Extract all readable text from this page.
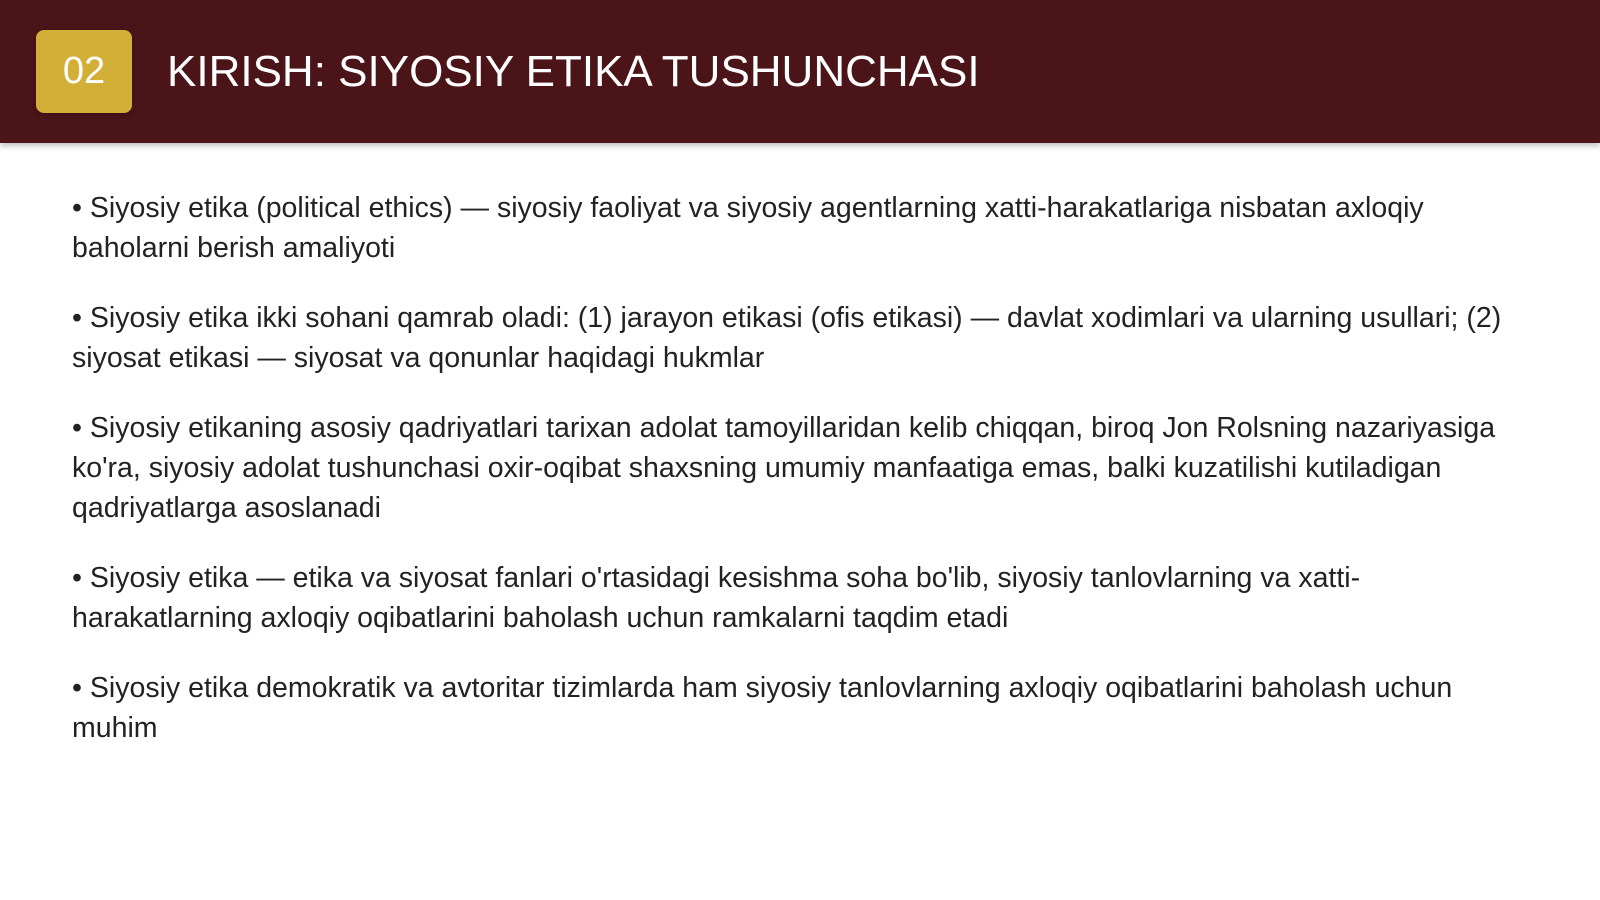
02	KIRISH: SIYOSIY ETIKA TUSHUNCHASI

• Siyosiy etika (political ethics) — siyosiy faoliyat va siyosiy agentlarning xatti-harakatlariga nisbatan axloqiy baholarni berish amaliyoti

• Siyosiy etika ikki sohani qamrab oladi: (1) jarayon etikasi (ofis etikasi) — davlat xodimlari va ularning usullari; (2) siyosat etikasi — siyosat va qonunlar haqidagi hukmlar

• Siyosiy etikaning asosiy qadriyatlari tarixan adolat tamoyillaridan kelib chiqqan, biroq Jon Rolsning nazariyasiga ko'ra, siyosiy adolat tushunchasi oxir-oqibat shaxsning umumiy manfaatiga emas, balki kuzatilishi kutiladigan qadriyatlarga asoslanadi

• Siyosiy etika — etika va siyosat fanlari o'rtasidagi kesishma soha bo'lib, siyosiy tanlovlarning va xatti-harakatlarning axloqiy oqibatlarini baholash uchun ramkalarni taqdim etadi

• Siyosiy etika demokratik va avtoritar tizimlarda ham siyosiy tanlovlarning axloqiy oqibatlarini baholash uchun muhim
